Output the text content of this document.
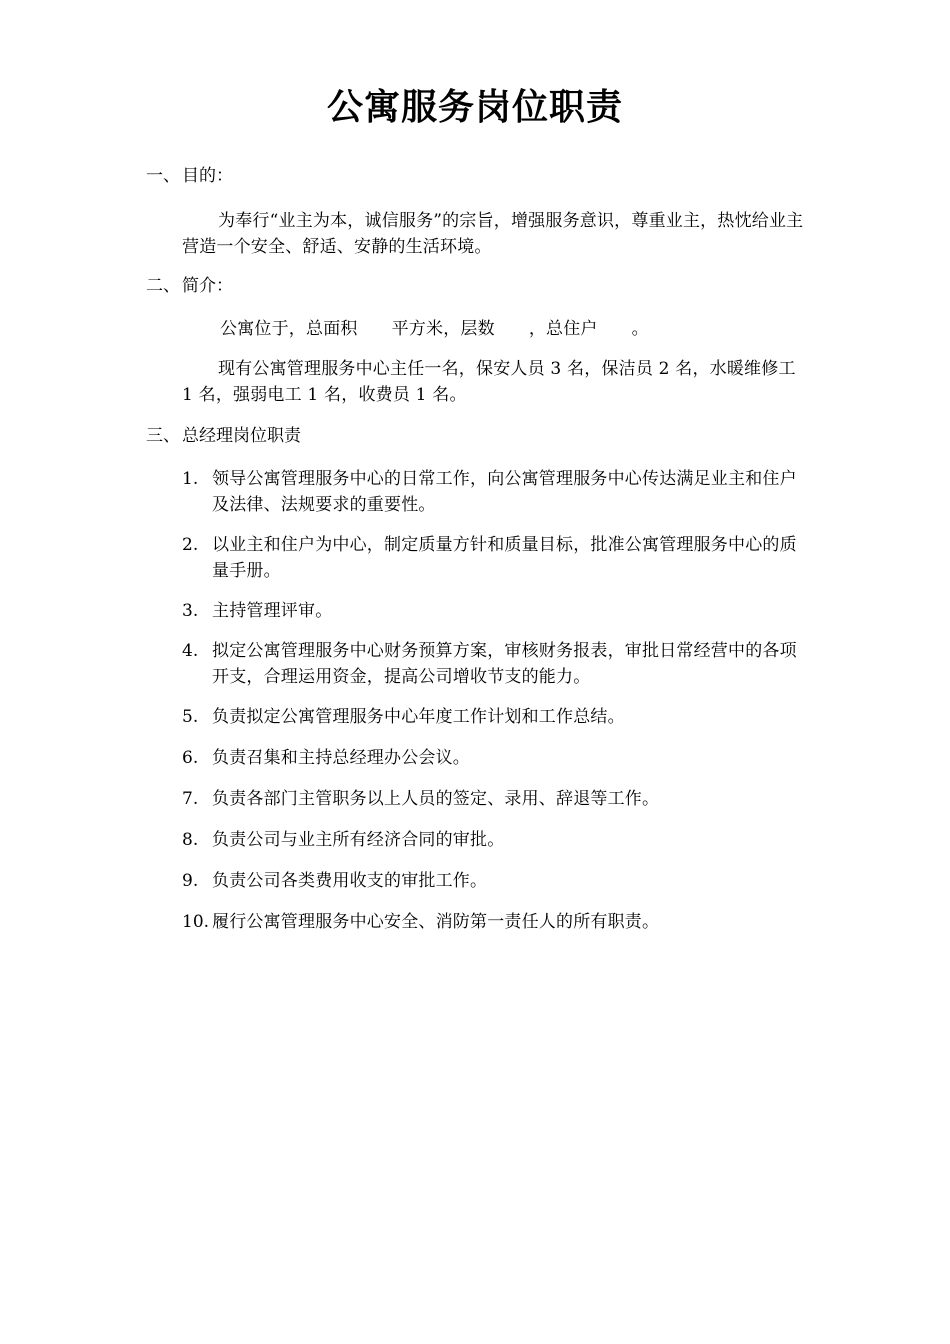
公寓服务岗位职责
一、 目的：
为奉行“业主为本，诚信服务”的宗旨，增强服务意识，尊重业主，热忱给业主营造一个安全、舒适、安静的生活环境。
二、 简介：
公寓位于，总面积 平方米，层数 ，总住户 。
现有公寓管理服务中心主任一名，保安人员 3 名，保洁员 2 名，水暖维修工 1 名，强弱电工 1 名，收费员 1 名。
三、 总经理岗位职责
1. 领导公寓管理服务中心的日常工作，向公寓管理服务中心传达满足业主和住户及法律、法规要求的重要性。
2. 以业主和住户为中心，制定质量方针和质量目标，批准公寓管理服务中心的质量手册。
3. 主持管理评审。
4. 拟定公寓管理服务中心财务预算方案，审核财务报表，审批日常经营中的各项开支，合理运用资金，提高公司增收节支的能力。
5. 负责拟定公寓管理服务中心年度工作计划和工作总结。
6. 负责召集和主持总经理办公会议。
7. 负责各部门主管职务以上人员的签定、录用、辞退等工作。
8. 负责公司与业主所有经济合同的审批。
9. 负责公司各类费用收支的审批工作。
10. 履行公寓管理服务中心安全、消防第一责任人的所有职责。
